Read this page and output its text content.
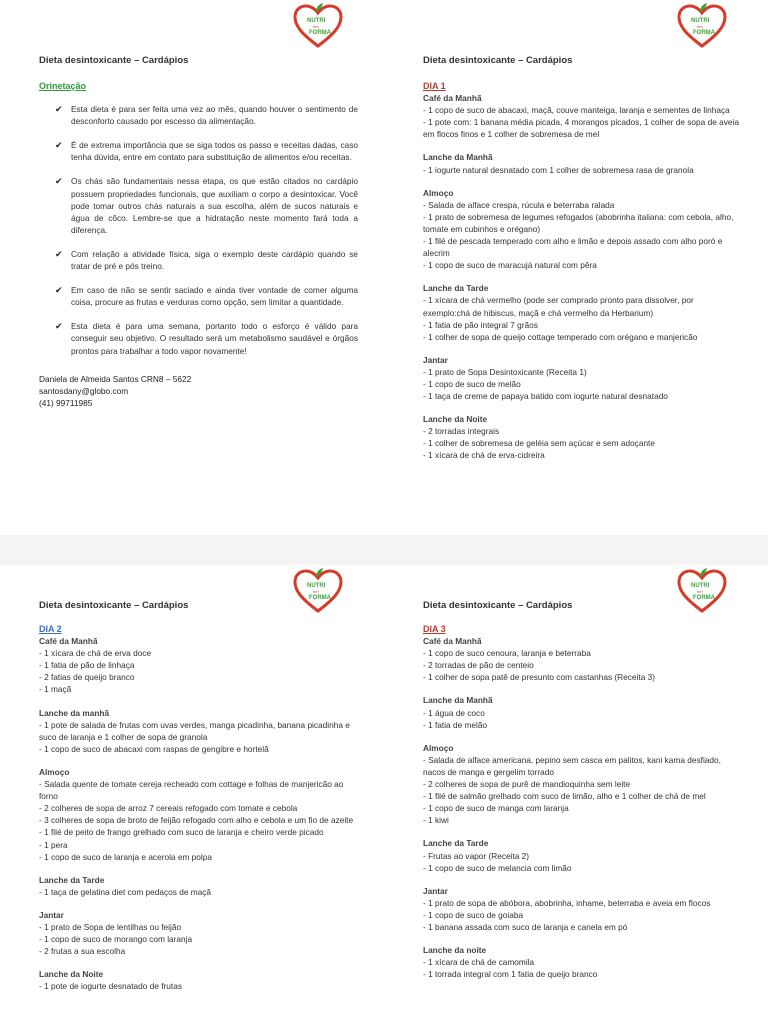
NUTRI
em
FORMA
Dieta desintoxicante – Cardápios
Orinetação
✔ Esta dieta é para ser feita uma vez ao mês, quando houver o sentimento de desconforto causado por escesso da alimentação.
✔ É de extrema importância que se siga todos os passo e receitas dadas, caso tenha dúvida, entre em contato para substituição de alimentos e/ou receitas.
✔ Os chás são fundamentais nessa etapa, os que estão citados no cardápio possuem propriedades funcionais, que auxiliam o corpo a desintoxicar. Você pode tomar outros chás naturais a sua escolha, além de sucos naturais e água de côco. Lembre-se que a hidratação neste momento fará toda a diferença.
✔ Com relação a atividade física, siga o exemplo deste cardápio quando se tratar de pré e pós treino.
✔ Em caso de não se sentir saciado e ainda tiver vontade de comer alguma coisa, procure as frutas e verduras como opção, sem limitar a quantidade.
✔ Esta dieta é para uma semana, portanto todo o esforço é válido para conseguir seu objetivo. O resultado será um metabolismo saudável e órgãos prontos para trabalhar a todo vapor novamente!
Daniela de Almeida Santos CRN8 – 5622
santosdany@globo.com
(41) 99711985
NUTRI
em
FORMA
Dieta desintoxicante – Cardápios
DIA 1
Café da Manhã
- 1 copo de suco de abacaxi, maçã, couve manteiga, laranja e sementes de linhaça
- 1 pote com: 1 banana média picada, 4 morangos picados, 1 colher de sopa de aveia em flocos finos e 1 colher de sobremesa de mel
Lanche da Manhã
- 1 iogurte natural desnatado com 1 colher de sobremesa rasa de granola
Almoço
- Salada de alface crespa, rúcula e beterraba ralada
- 1 prato de sobremesa de legumes refogados (abobrinha italiana: com cebola, alho, tomate em cubinhos e orégano)
- 1 filé de pescada temperado com alho e limão e depois assado com alho poró e alecrim
- 1 copo de suco de maracujá natural com pêra
Lanche da Tarde
- 1 xícara de chá vermelho (pode ser comprado pronto para dissolver, por exemplo:chá de hibiscus, maçã e chá vermelho da Herbarium)
- 1 fatia de pão integral 7 grãos
- 1 colher de sopa de queijo cottage temperado com orégano e manjericão
Jantar
- 1 prato de Sopa Desintoxicante (Receita 1)
- 1 copo de suco de melão
- 1 taça de creme de papaya batido com iogurte natural desnatado
Lanche da Noite
- 2 torradas integrais
- 1 colher de sobremesa de geléia sem açúcar e sem adoçante
- 1 xícara de chá de erva-cidreira
NUTRI
em
FORMA
Dieta desintoxicante – Cardápios
DIA 2
Café da Manhã
- 1 xícara de chá de erva doce
- 1 fatia de pão de linhaça
- 2 fatias de queijo branco
- 1 maçã
Lanche da manhã
- 1 pote de salada de frutas com uvas verdes, manga picadinha, banana picadinha e suco de laranja e 1 colher de sopa de granola
- 1 copo de suco de abacaxi com raspas de gengibre e hortelã
Almoço
- Salada quente de tomate cereja recheado com cottage e folhas de manjericão ao forno
- 2 colheres de sopa de arroz 7 cereais refogado com tomate e cebola
- 3 colheres de sopa de broto de feijão refogado com alho e cebola e um fio de azeite
- 1 filé de peito de frango grelhado com suco de laranja e cheiro verde picado
- 1 pera
- 1 copo de suco de laranja e acerola em polpa
Lanche da Tarde
- 1 taça de gelatina diet com pedaços de maçã
Jantar
- 1 prato de Sopa de lentilhas ou feijão
- 1 copo de suco de morango com laranja
- 2 frutas a sua escolha
Lanche da Noite
- 1 pote de iogurte desnatado de frutas
NUTRI
em
FORMA
Dieta desintoxicante – Cardápios
DIA 3
Café da Manhã
- 1 copo de suco cenoura, laranja e beterraba
- 2 torradas de pão de centeio
- 1 colher de sopa patê de presunto com castanhas (Receita 3)
Lanche da Manhã
- 1 água de coco
- 1 fatia de melão
Almoço
- Salada de alface americana, pepino sem casca em palitos, kani kama desfiado, nacos de manga e gergelim torrado
- 2 colheres de sopa de purê de mandioquinha sem leite
- 1 filé de salmão grelhado com suco de limão, alho e 1 colher de chá de mel
- 1 copo de suco de manga com laranja
- 1 kiwi
Lanche da Tarde
- Frutas ao vapor (Receita 2)
- 1 copo de suco de melancia com limão
Jantar
- 1 prato de sopa de abóbora, abobrinha, inhame, beterraba e aveia em flocos
- 1 copo de suco de goiaba
- 1 banana assada com suco de laranja e canela em pó
Lanche da noite
- 1 xícara de chá de camomila
- 1 torrada integral com 1 fatia de queijo branco
